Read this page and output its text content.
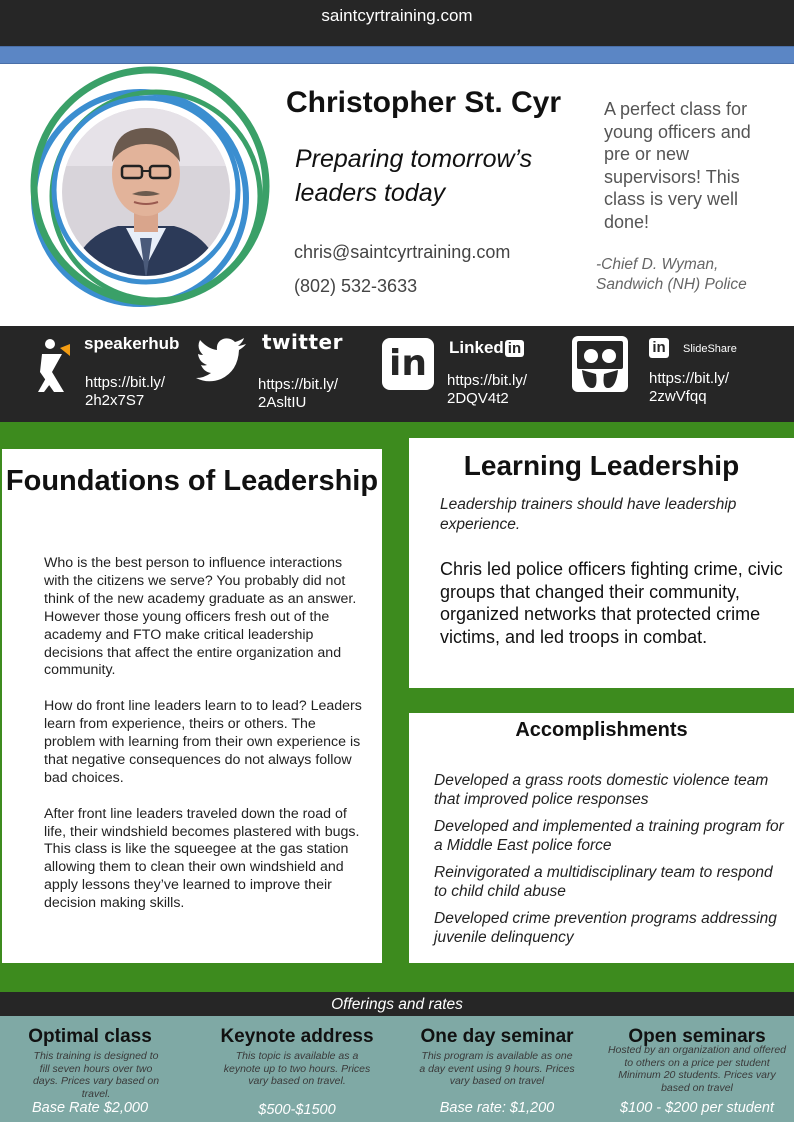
saintcyrtraining.com
Christopher St. Cyr
Preparing tomorrow’s leaders today
chris@saintcyrtraining.com
(802) 532-3633
A perfect class for young officers and pre or new supervisors! This class is very well done!
-Chief D. Wyman, Sandwich (NH) Police
speakerhub
https://bit.ly/
2h2x7S7
twitter
https://bit.ly/
2AsltIU
in	Linked in
https://bit.ly/
2DQV4t2
in	SlideShare
https://bit.ly/
2zwVfqq
Foundations of Leadership

Who is the best person to influence interactions with the citizens we serve? You probably did not think of the new academy graduate as an answer. However those young officers fresh out of the academy and FTO make critical leadership decisions that affect the entire organization and community.

How do front line leaders learn to to lead? Leaders learn from experience, theirs or others. The problem with learning from their own experience is that negative consequences do not always follow bad choices.

After front line leaders traveled down the road of life, their windshield becomes plastered with bugs. This class is like the squeegee at the gas station allowing them to clean their own windshield and apply lessons they’ve learned to improve their decision making skills.

Learning Leadership
Leadership trainers should have leadership experience.
Chris led police officers fighting crime, civic groups that changed their community, organized networks that protected crime victims, and led troops in combat.
Accomplishments
Developed a grass roots domestic violence team that improved police responses
Developed and implemented a training program for a Middle East police force
Reinvigorated a multidisciplinary team to respond to child child abuse
Developed crime prevention programs addressing juvenile delinquency
Offerings and rates
Optimal class
This training is designed to fill seven hours over two days. Prices vary based on travel.
Base Rate $2,000
Keynote address
This topic is available as a keynote up to two hours. Prices vary based on travel.
$500-$1500
One day seminar
This program is available as one a day event using 9 hours. Prices vary based on travel
Base rate: $1,200
Open seminars
Hosted by an organization and offered to others on a price per student Minimum 20 students. Prices vary based on travel
$100 - $200 per student
